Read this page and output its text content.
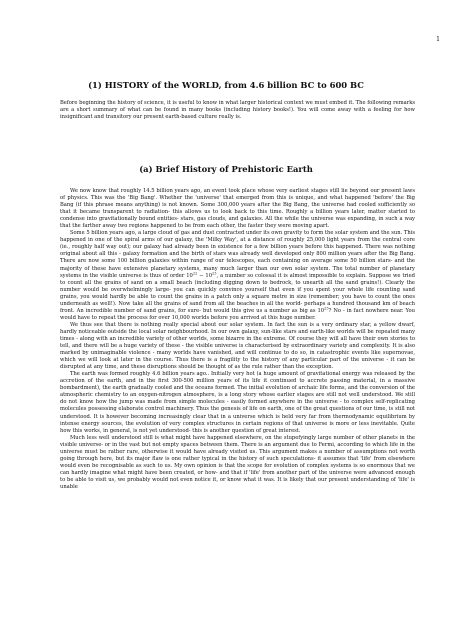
1
(1) HISTORY of the WORLD, from 4.6 billion BC to 600 BC

Before beginning the history of science, it is useful to know in what larger historical context we must embed it. The following remarks are a short summary of what can be found in many books (including history books!). You will come away with a feeling for how insignificant and transitory our present earth-based culture really is.

(a) Brief History of Prehistoric Earth

We now know that roughly 14.5 billion years ago, an event took place whose very earliest stages still lie beyond our present laws of physics. This was the 'Big Bang'. Whether the 'universe' that emerged from this is unique, and what happened 'before' the Big Bang (if this phrase means anything) is not known. Some 300,000 years after the Big Bang, the universe had cooled sufficiently so that it became transparent to radiation- this allows us to look back to this time. Roughly a billion years later, matter started to condense into gravitationally bound entities- stars, gas clouds, and galaxies. All the while the universe was expanding, in such a way that the farther away two regions happened to be from each other, the faster they were moving apart.

Some 5 billion years ago, a large cloud of gas and dust contracted under its own gravity to form the solar system and the sun. This happened in one of the spiral arms of our galaxy, the 'Milky Way', at a distance of roughly 25,000 light years from the central core (ie., roughly half way out); our galaxy had already been in existence for a few billion years before this happened. There was nothing original about all this - galaxy formation and the birth of stars was already well developed only 800 million years after the Big Bang. There are now some 100 billion galaxies within range of our telescopes, each containing on average some 50 billion stars- and the majority of these have extensive planetary systems, many much larger than our own solar system. The total number of planetary systems in the visible universe is thus of order $10^{22} - 10^{23}$, a number so colossal it is almost impossible to explain. Suppose we tried to count all the grains of sand on a small beach (including digging down to bedrock, to unearth all the sand grains!). Clearly the number would be overwhelmingly large- you can quickly convince yourself that even if you spent your whole life counting sand grains, you would hardly be able to count the grains in a patch only a square metre in size (remember; you have to count the ones underneath as well!). Now take all the grains of sand from all the beaches in all the world- perhaps a hundred thousand km of beach front. An incredible number of sand grains, for sure- but would this give us a number as big as $10^{23}$? No - in fact nowhere near. You would have to repeat the process for over 10,000 worlds before you arrived at this huge number.

We thus see that there is nothing really special about our solar system. In fact the sun is a very ordinary star, a yellow dwarf, hardly noticeable outside the local solar neighbourhood. In our own galaxy, sun-like stars and earth-like worlds will be repeated many times - along with an incredible variety of other worlds, some bizarre in the extreme. Of course they will all have their own stories to tell, and there will be a huge variety of these - the visible universe is characterised by extraordinary variety and complexity. It is also marked by unimaginable violence - many worlds have vanished, and will continue to do so, in catastrophic events like supernovae, which we will look at later in the course. Thus there is a fragility to the history of any particular part of the universe - it can be disrupted at any time, and these disruptions should be thought of as the rule rather than the exception.

The earth was formed roughly 4.6 billion years ago.. Initially very hot (a huge amount of gravitational energy was released by the accretion of the earth, and in the first 300-500 million years of its life it continued to accrete passing material, in a massive bombardment), the earth gradually cooled and the oceans formed. The initial evolution of archaic life forms, and the conversion of the atmospheric chemistry to an oxygen-nitrogen atmosphere, is a long story whose earlier stages are still not well understood. We still do not know how the jump was made from simple molecules - easily formed anywhere in the universe - to complex self-replicating molecules possessing elaborate control machinery. Thus the genesis of life on earth, one of the great questions of our time, is still not understood. It is however becoming increasingly clear that in a universe which is held very far from thermodynamic equilibrium by intense energy sources, the evolution of very complex structures in certain regions of that universe is more or less inevitable. Quite how this works, in general, is not yet understood- this is another question of great interest.

Much less well understood still is what might have happened elsewhere, on the stupefyingly large number of other planets in the visible universe- or in the vast but not empty spaces between them. There is an argument due to Fermi, according to which life in the universe must be rather rare, otherwise it would have already visited us. This argument makes a number of assumptions not worth going through here, but its major flaw is one rather typical in the history of such speculations- it assumes that 'life' from elsewhere would even be recognisable as such to us. My own opinion is that the scope for evolution of complex systems is so enormous that we can hardly imagine what might have been created, or how- and that if 'life' from another part of the universe were advanced enough to be able to visit us, we probably would not even notice it, or know what it was. It is likely that our present understanding of 'life' is unable
